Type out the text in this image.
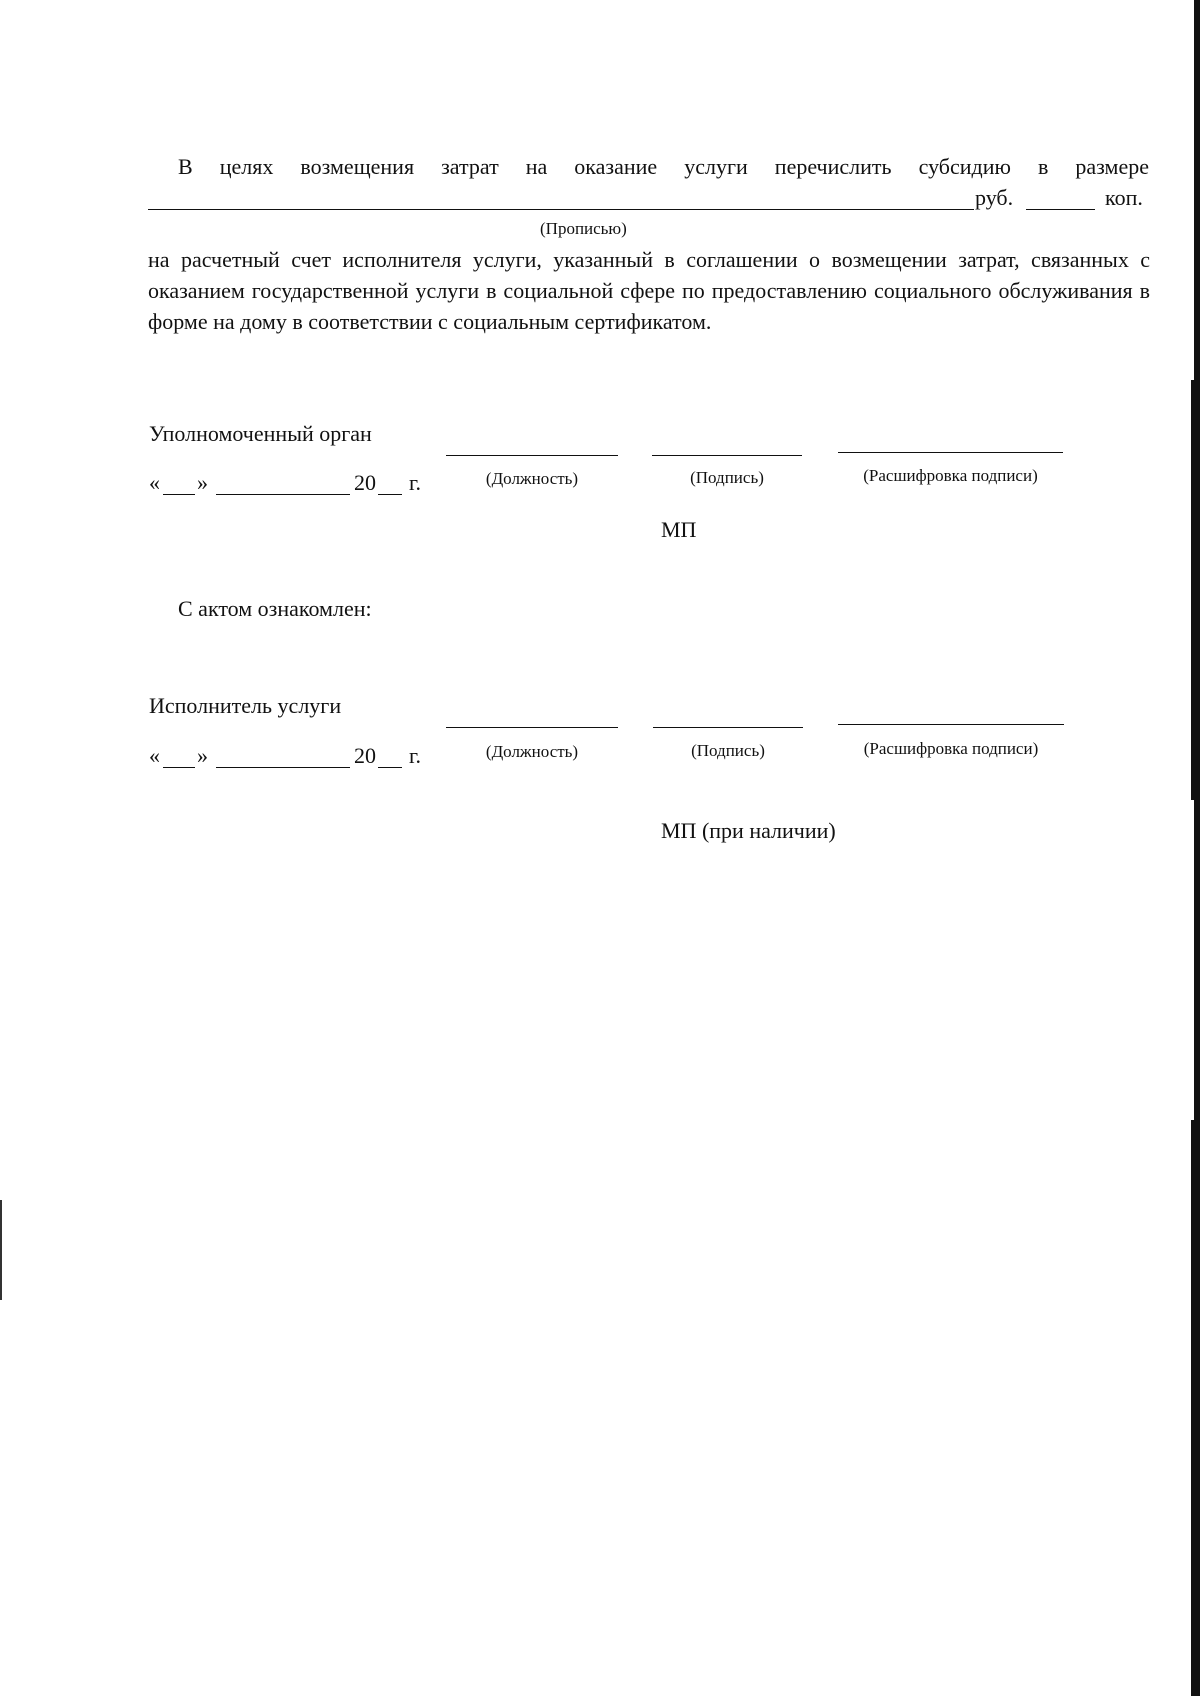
В целях возмещения затрат на оказание услуги перечислить субсидию в размере
руб.	коп.
(Прописью)
на расчетный счет исполнителя услуги, указанный в соглашении о возмещении затрат, связанных с оказанием государственной услуги в социальной сфере по предоставлению социального обслуживания в форме на дому в соответствии с социальным сертификатом.
Уполномоченный орган
« »	20 г.	(Должность)	(Подпись)	(Расшифровка подписи)
МП
С актом ознакомлен:
Исполнитель услуги
« »	20 г.	(Должность)	(Подпись)	(Расшифровка подписи)
МП (при наличии)
